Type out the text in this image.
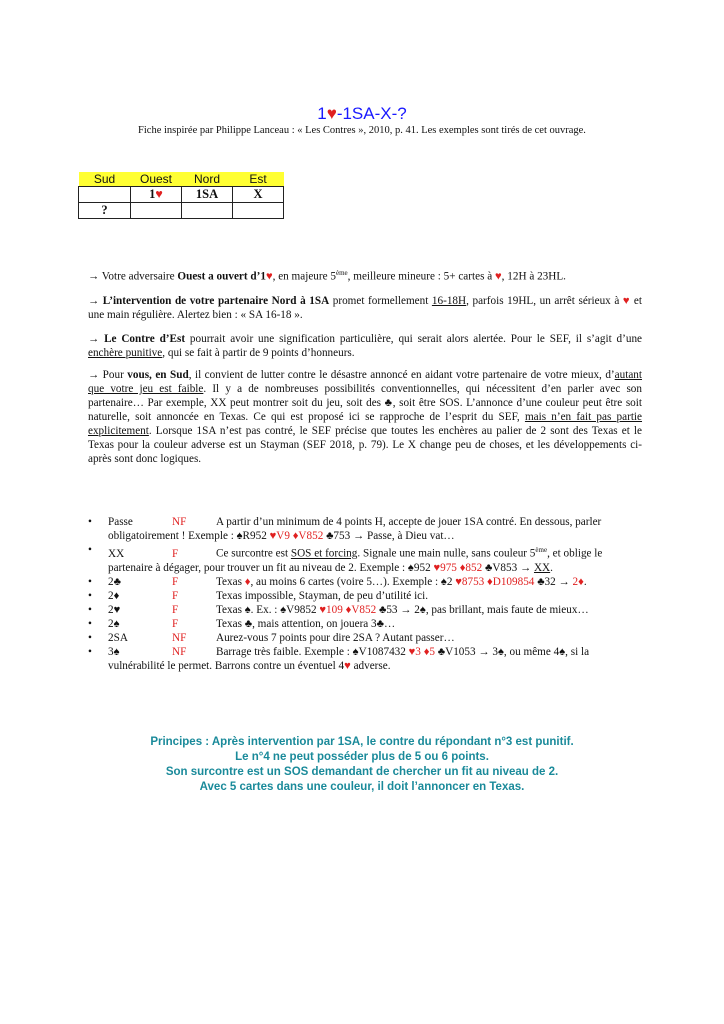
1♥-1SA-X-?
Fiche inspirée par Philippe Lanceau : « Les Contres », 2010, p. 41. Les exemples sont tirés de cet ouvrage.
Sud	Ouest	Nord	Est
	1♥	1SA	X
?			
→ Votre adversaire Ouest a ouvert d’1♥, en majeure 5ème, meilleure mineure : 5+ cartes à ♥, 12H à 23HL.
→ L’intervention de votre partenaire Nord à 1SA promet formellement 16-18H, parfois 19HL, un arrêt sérieux à ♥ et une main régulière. Alertez bien : « SA 16-18 ».
→ Le Contre d’Est pourrait avoir une signification particulière, qui serait alors alertée. Pour le SEF, il s’agit d’une enchère punitive, qui se fait à partir de 9 points d’honneurs.
→ Pour vous, en Sud, il convient de lutter contre le désastre annoncé en aidant votre partenaire de votre mieux, d’autant que votre jeu est faible. Il y a de nombreuses possibilités conventionnelles, qui nécessitent d’en parler avec son partenaire… Par exemple, XX peut montrer soit du jeu, soit des ♣, soit être SOS. L’annonce d’une couleur peut être soit naturelle, soit annoncée en Texas. Ce qui est proposé ici se rapproche de l’esprit du SEF, mais n’en fait pas partie explicitement. Lorsque 1SA n’est pas contré, le SEF précise que toutes les enchères au palier de 2 sont des Texas et le Texas pour la couleur adverse est un Stayman (SEF 2018, p. 79). Le X change peu de choses, et les développements ci-après sont donc logiques.
• Passe	NF	A partir d’un minimum de 4 points H, accepte de jouer 1SA contré. En dessous, parler obligatoirement ! Exemple : ♠R952 ♥V9 ♦V852 ♣753 → Passe, à Dieu vat…
• XX	F	Ce surcontre est SOS et forcing. Signale une main nulle, sans couleur 5ème, et oblige le partenaire à dégager, pour trouver un fit au niveau de 2. Exemple : ♠952 ♥975 ♦852 ♣V853 → XX.
• 2♣	F	Texas ♦, au moins 6 cartes (voire 5…). Exemple : ♠2 ♥8753 ♦D109854 ♣32 → 2♦.
• 2♦	F	Texas impossible, Stayman, de peu d’utilité ici.
• 2♥	F	Texas ♠. Ex. : ♠V9852 ♥109 ♦V852 ♣53 → 2♠, pas brillant, mais faute de mieux…
• 2♠	F	Texas ♣, mais attention, on jouera 3♣…
• 2SA	NF	Aurez-vous 7 points pour dire 2SA ? Autant passer…
• 3♠	NF	Barrage très faible. Exemple : ♠V1087432 ♥3 ♦5 ♣V1053 → 3♠, ou même 4♠, si la vulnérabilité le permet. Barrons contre un éventuel 4♥ adverse.
Principes : Après intervention par 1SA, le contre du répondant n°3 est punitif.
Le n°4 ne peut posséder plus de 5 ou 6 points.
Son surcontre est un SOS demandant de chercher un fit au niveau de 2.
Avec 5 cartes dans une couleur, il doit l’annoncer en Texas.
